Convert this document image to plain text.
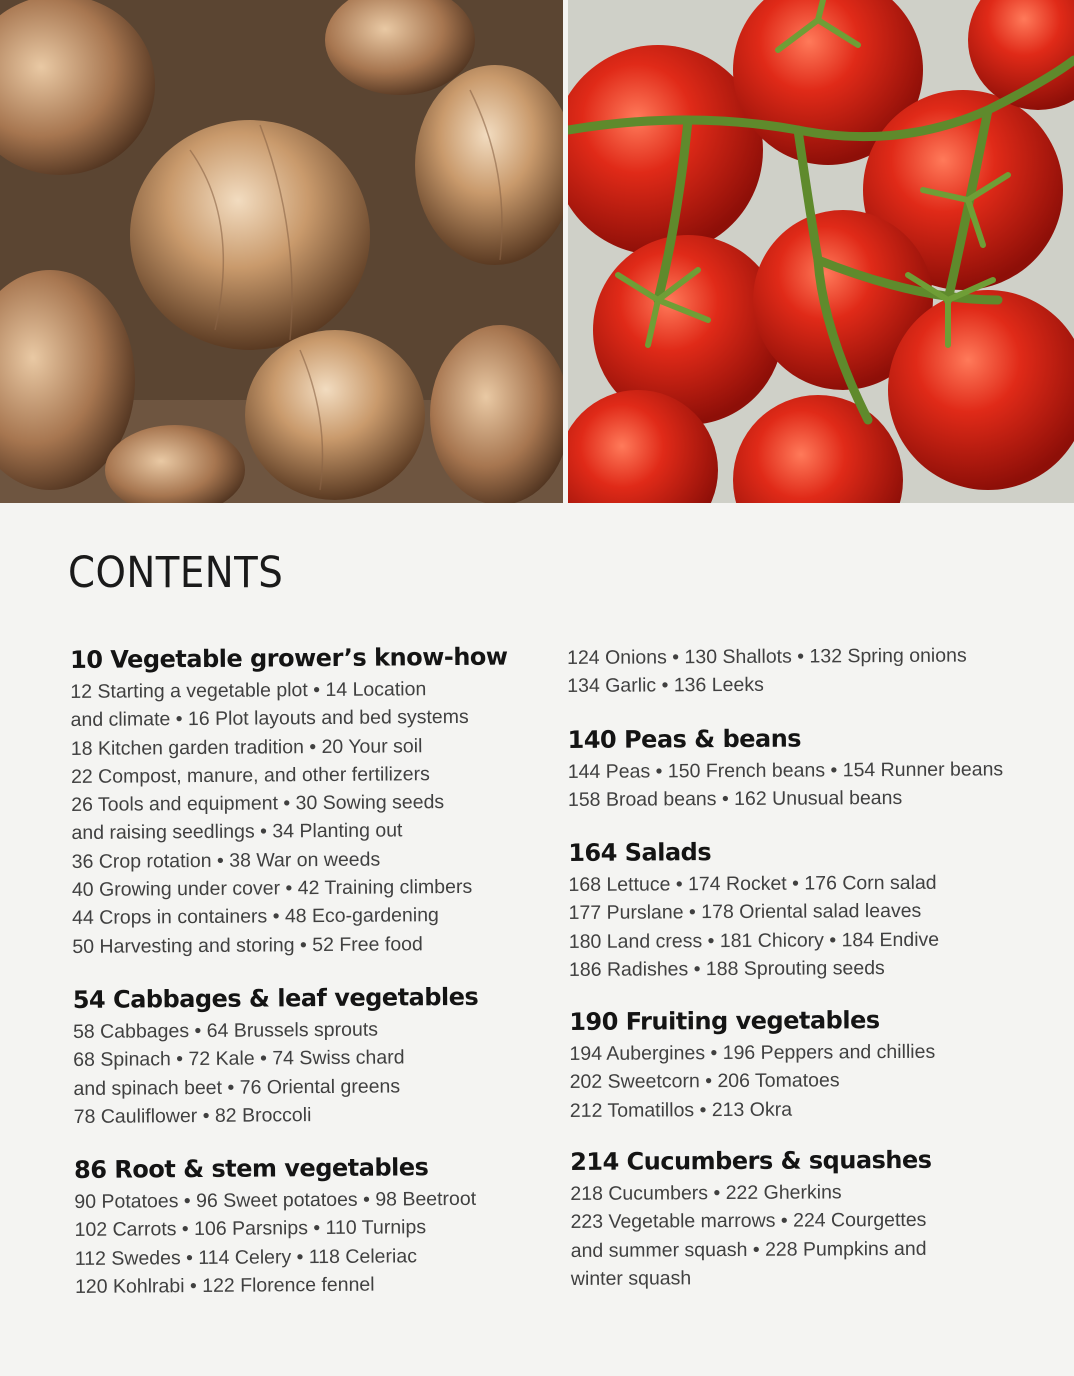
CONTENTS
10 Vegetable grower’s know-how
12 Starting a vegetable plot • 14 Location
and climate • 16 Plot layouts and bed systems
18 Kitchen garden tradition • 20 Your soil
22 Compost, manure, and other fertilizers
26 Tools and equipment • 30 Sowing seeds
and raising seedlings • 34 Planting out
36 Crop rotation • 38 War on weeds
40 Growing under cover • 42 Training climbers
44 Crops in containers • 48 Eco-gardening
50 Harvesting and storing • 52 Free food
54 Cabbages & leaf vegetables
58 Cabbages • 64 Brussels sprouts
68 Spinach • 72 Kale • 74 Swiss chard
and spinach beet • 76 Oriental greens
78 Cauliflower • 82 Broccoli
86 Root & stem vegetables
90 Potatoes • 96 Sweet potatoes • 98 Beetroot
102 Carrots • 106 Parsnips • 110 Turnips
112 Swedes • 114 Celery • 118 Celeriac
120 Kohlrabi • 122 Florence fennel
124 Onions • 130 Shallots • 132 Spring onions
134 Garlic • 136 Leeks
140 Peas & beans
144 Peas • 150 French beans • 154 Runner beans
158 Broad beans • 162 Unusual beans
164 Salads
168 Lettuce • 174 Rocket • 176 Corn salad
177 Purslane • 178 Oriental salad leaves
180 Land cress • 181 Chicory • 184 Endive
186 Radishes • 188 Sprouting seeds
190 Fruiting vegetables
194 Aubergines • 196 Peppers and chillies
202 Sweetcorn • 206 Tomatoes
212 Tomatillos • 213 Okra
214 Cucumbers & squashes
218 Cucumbers • 222 Gherkins
223 Vegetable marrows • 224 Courgettes
and summer squash • 228 Pumpkins and
winter squash
